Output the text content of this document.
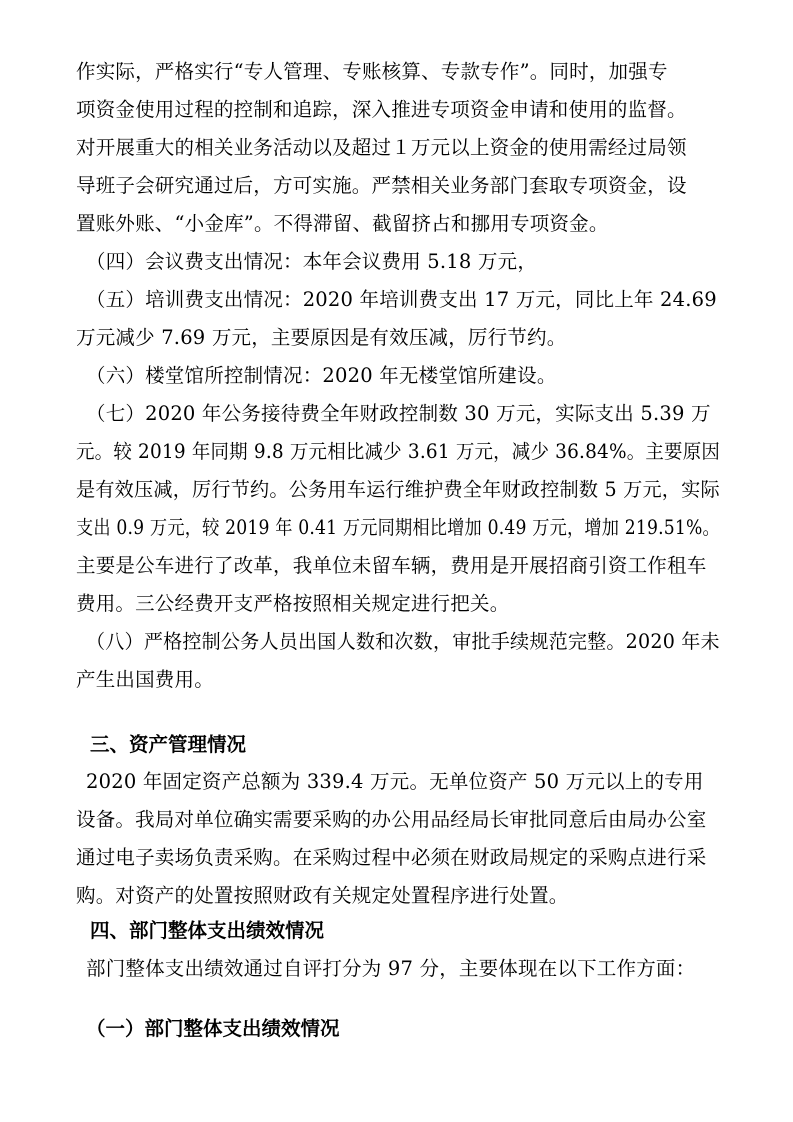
作实际，严格实行“专人管理、专账核算、专款专作”。同时，加强专
项资金使用过程的控制和追踪，深入推进专项资金申请和使用的监督。
对开展重大的相关业务活动以及超过１万元以上资金的使用需经过局领
导班子会研究通过后，方可实施。严禁相关业务部门套取专项资金，设
置账外账、“小金库”。不得滞留、截留挤占和挪用专项资金。
（四）会议费支出情况：本年会议费用 5.18 万元，
（五）培训费支出情况：2020 年培训费支出 17 万元，同比上年 24.69
万元减少 7.69 万元，主要原因是有效压减，厉行节约。
（六）楼堂馆所控制情况：2020 年无楼堂馆所建设。
（七）2020 年公务接待费全年财政控制数 30 万元，实际支出 5.39 万
元。较 2019 年同期 9.8 万元相比减少 3.61 万元，减少 36.84%。主要原因
是有效压减，厉行节约。公务用车运行维护费全年财政控制数 5 万元，实际
支出 0.9 万元，较 2019 年 0.41 万元同期相比增加 0.49 万元，增加 219.51%。
主要是公车进行了改革，我单位未留车辆，费用是开展招商引资工作租车
费用。三公经费开支严格按照相关规定进行把关。
（八）严格控制公务人员出国人数和次数，审批手续规范完整。2020 年未
产生出国费用。
三、资产管理情况
2020 年固定资产总额为 339.4 万元。无单位资产 50 万元以上的专用
设备。我局对单位确实需要采购的办公用品经局长审批同意后由局办公室
通过电子卖场负责采购。在采购过程中必须在财政局规定的采购点进行采
购。对资产的处置按照财政有关规定处置程序进行处置。
四、部门整体支出绩效情况
部门整体支出绩效通过自评打分为 97 分，主要体现在以下工作方面：
（一）部门整体支出绩效情况
